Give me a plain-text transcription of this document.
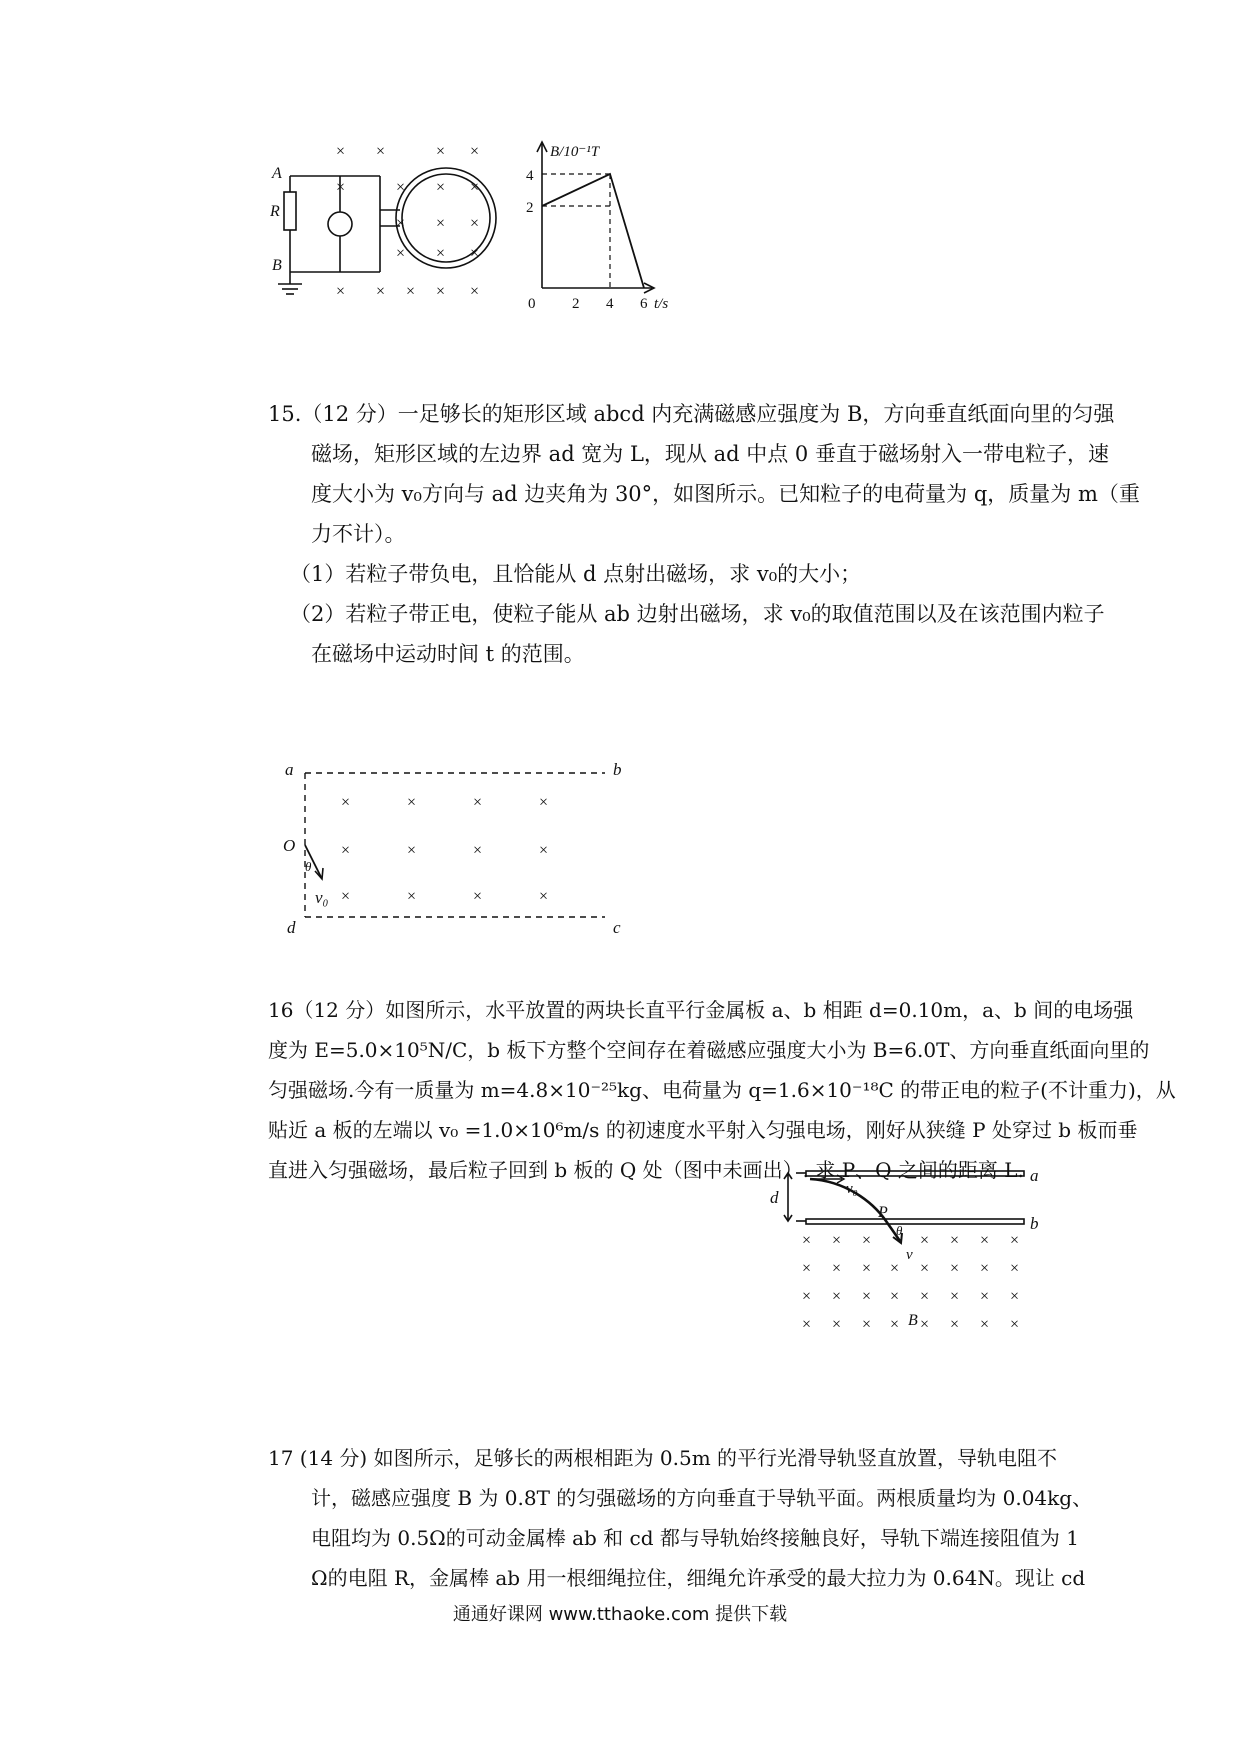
× ×	× ×
×	× × ×
× × ×
× × ×
× × × × ×
A
R
B
B/10⁻¹T
4
2
0 2 4 6 t/s
15.（12 分）一足够长的矩形区域 abcd 内充满磁感应强度为 B，方向垂直纸面向里的匀强
磁场，矩形区域的左边界 ad 宽为 L，现从 ad 中点 0 垂直于磁场射入一带电粒子，速
度大小为 v₀方向与 ad 边夹角为 30°，如图所示。已知粒子的电荷量为 q，质量为 m（重
力不计）。
（1）若粒子带负电，且恰能从 d 点射出磁场，求 v₀的大小；
（2）若粒子带正电，使粒子能从 ab 边射出磁场，求 v₀的取值范围以及在该范围内粒子
在磁场中运动时间 t 的范围。
×	×	×	×
×	×	×	×
×	×	×	×
a	b
c
d
O
θ
v₀
16（12 分）如图所示，水平放置的两块长直平行金属板 a、b 相距 d=0.10m，a、b 间的电场强
度为 E=5.0×10⁵N/C，b 板下方整个空间存在着磁感应强度大小为 B=6.0T、方向垂直纸面向里的
匀强磁场.今有一质量为 m=4.8×10⁻²⁵kg、电荷量为 q=1.6×10⁻¹⁸C 的带正电的粒子(不计重力)，从
贴近 a 板的左端以 v₀ =1.0×10⁶m/s 的初速度水平射入匀强电场，刚好从狭缝 P 处穿过 b 板而垂
直进入匀强磁场，最后粒子回到 b 板的 Q 处（图中未画出）. 求 P、Q 之间的距离 L.
× × ×	× × × ×
× × × × × × × ×
× × × × × × × ×
× × × × × × × ×
a
b
d	v₀
P
θ
v
B
17 (14 分) 如图所示，足够长的两根相距为 0.5m 的平行光滑导轨竖直放置，导轨电阻不
计，磁感应强度 B 为 0.8T 的匀强磁场的方向垂直于导轨平面。两根质量均为 0.04kg、
电阻均为 0.5Ω的可动金属棒 ab 和 cd 都与导轨始终接触良好，导轨下端连接阻值为 1
Ω的电阻 R，金属棒 ab 用一根细绳拉住，细绳允许承受的最大拉力为 0.64N。现让 cd
通通好课网 www.tthaoke.com 提供下载
